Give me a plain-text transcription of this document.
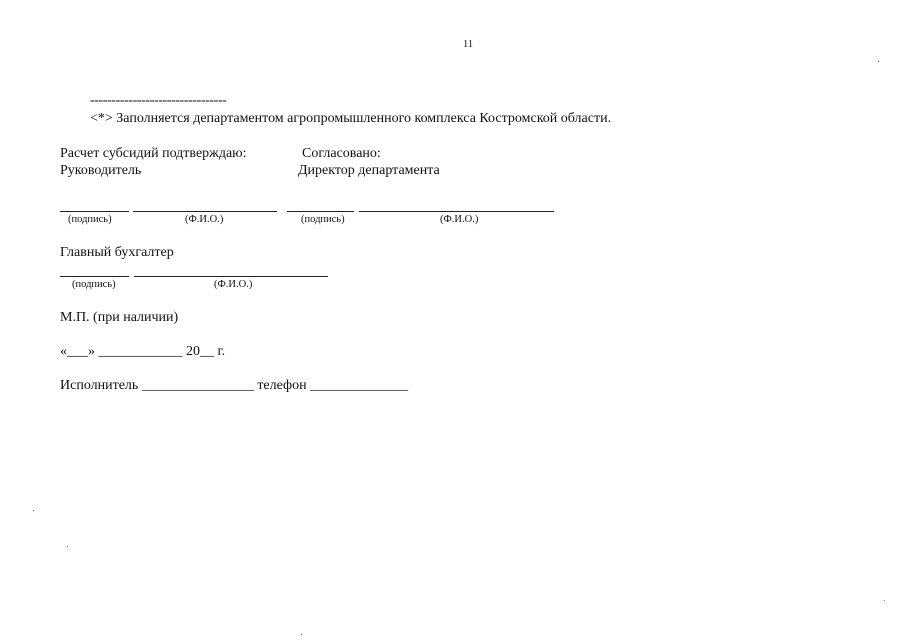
11
--------------------------------
<*> Заполняется департаментом агропромышленного комплекса Костромской области.
Расчет субсидий подтверждаю:
Руководитель
Согласовано:
Директор департамента
(подпись)	(Ф.И.О.)	(подпись)	(Ф.И.О.)
Главный бухгалтер
(подпись)	(Ф.И.О.)
М.П. (при наличии)
«___» ____________ 20__ г.
Исполнитель ________________ телефон ______________
